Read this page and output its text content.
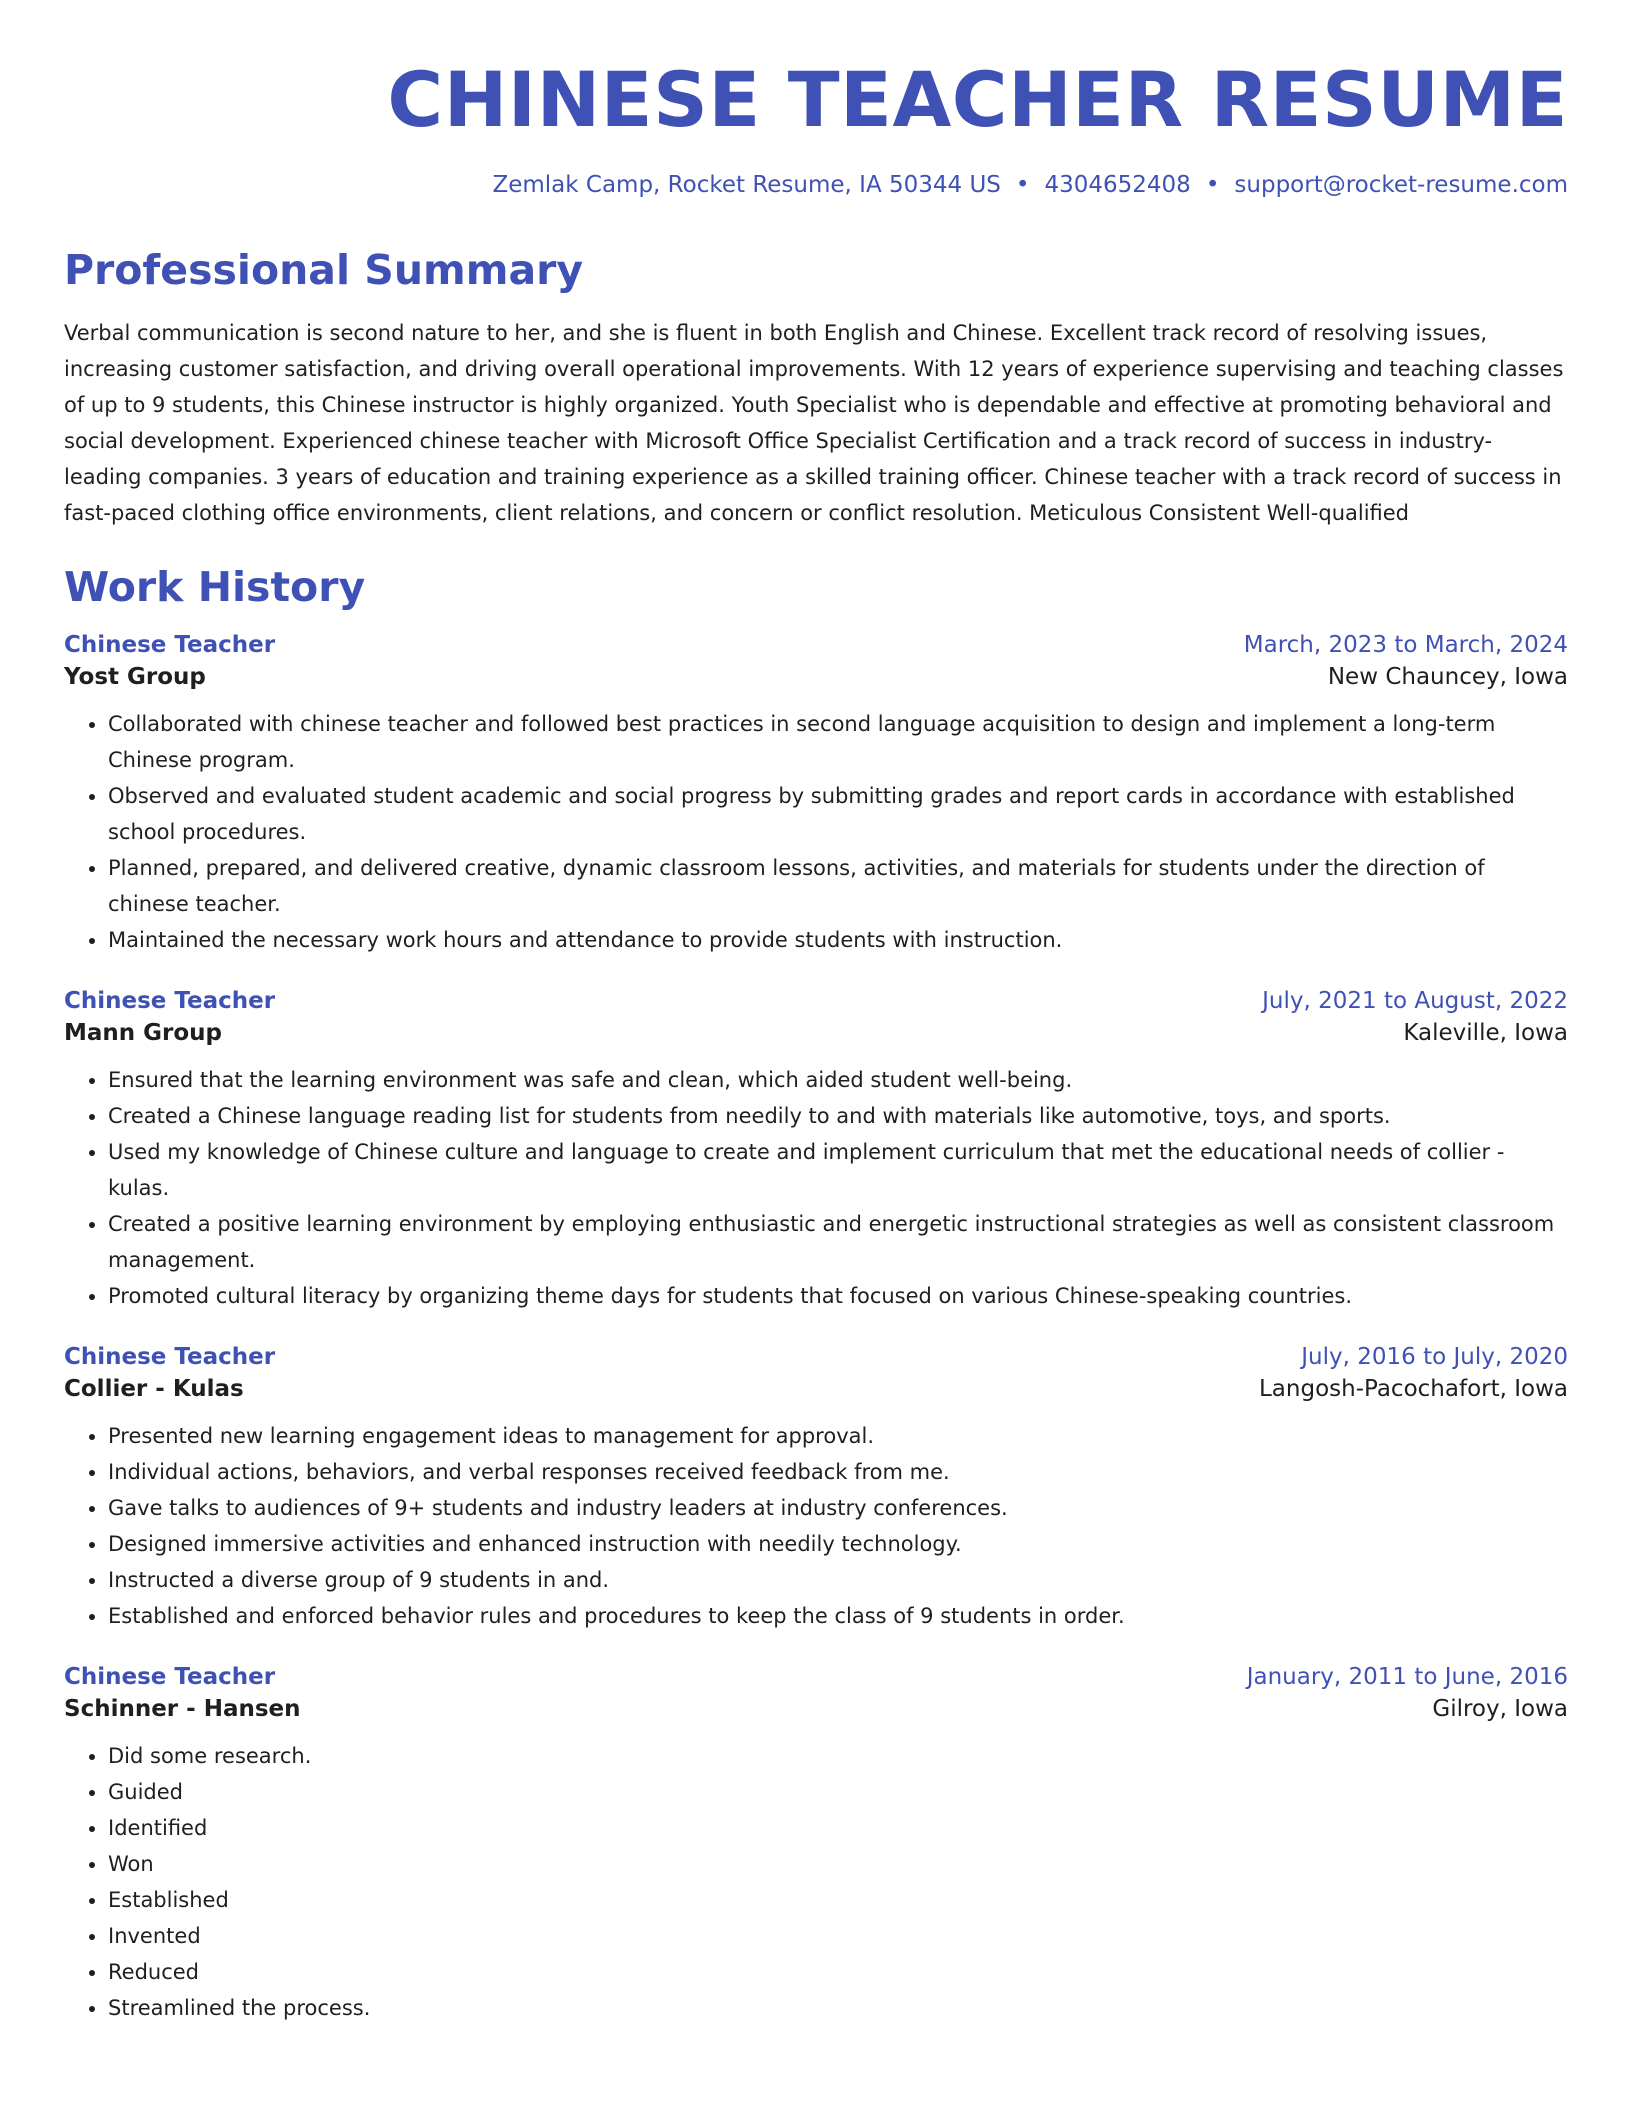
CHINESE TEACHER RESUME
Zemlak Camp, Rocket Resume, IA 50344 US • 4304652408 • support@rocket-resume.com
Professional Summary
Verbal communication is second nature to her, and she is fluent in both English and Chinese. Excellent track record of resolving issues, increasing customer satisfaction, and driving overall operational improvements. With 12 years of experience supervising and teaching classes of up to 9 students, this Chinese instructor is highly organized. Youth Specialist who is dependable and effective at promoting behavioral and social development. Experienced chinese teacher with Microsoft Office Specialist Certification and a track record of success in industry-leading companies. 3 years of education and training experience as a skilled training officer. Chinese teacher with a track record of success in fast-paced clothing office environments, client relations, and concern or conflict resolution. Meticulous Consistent Well-qualified
Work History
Chinese Teacher	March, 2023 to March, 2024
Yost Group	New Chauncey, Iowa
• Collaborated with chinese teacher and followed best practices in second language acquisition to design and implement a long-term Chinese program.
• Observed and evaluated student academic and social progress by submitting grades and report cards in accordance with established school procedures.
• Planned, prepared, and delivered creative, dynamic classroom lessons, activities, and materials for students under the direction of chinese teacher.
• Maintained the necessary work hours and attendance to provide students with instruction.
Chinese Teacher	July, 2021 to August, 2022
Mann Group	Kaleville, Iowa
• Ensured that the learning environment was safe and clean, which aided student well-being.
• Created a Chinese language reading list for students from needily to and with materials like automotive, toys, and sports.
• Used my knowledge of Chinese culture and language to create and implement curriculum that met the educational needs of collier - kulas.
• Created a positive learning environment by employing enthusiastic and energetic instructional strategies as well as consistent classroom management.
• Promoted cultural literacy by organizing theme days for students that focused on various Chinese-speaking countries.
Chinese Teacher	July, 2016 to July, 2020
Collier - Kulas	Langosh-Pacochafort, Iowa
• Presented new learning engagement ideas to management for approval.
• Individual actions, behaviors, and verbal responses received feedback from me.
• Gave talks to audiences of 9+ students and industry leaders at industry conferences.
• Designed immersive activities and enhanced instruction with needily technology.
• Instructed a diverse group of 9 students in and.
• Established and enforced behavior rules and procedures to keep the class of 9 students in order.
Chinese Teacher	January, 2011 to June, 2016
Schinner - Hansen	Gilroy, Iowa
• Did some research.
• Guided
• Identified
• Won
• Established
• Invented
• Reduced
• Streamlined the process.
